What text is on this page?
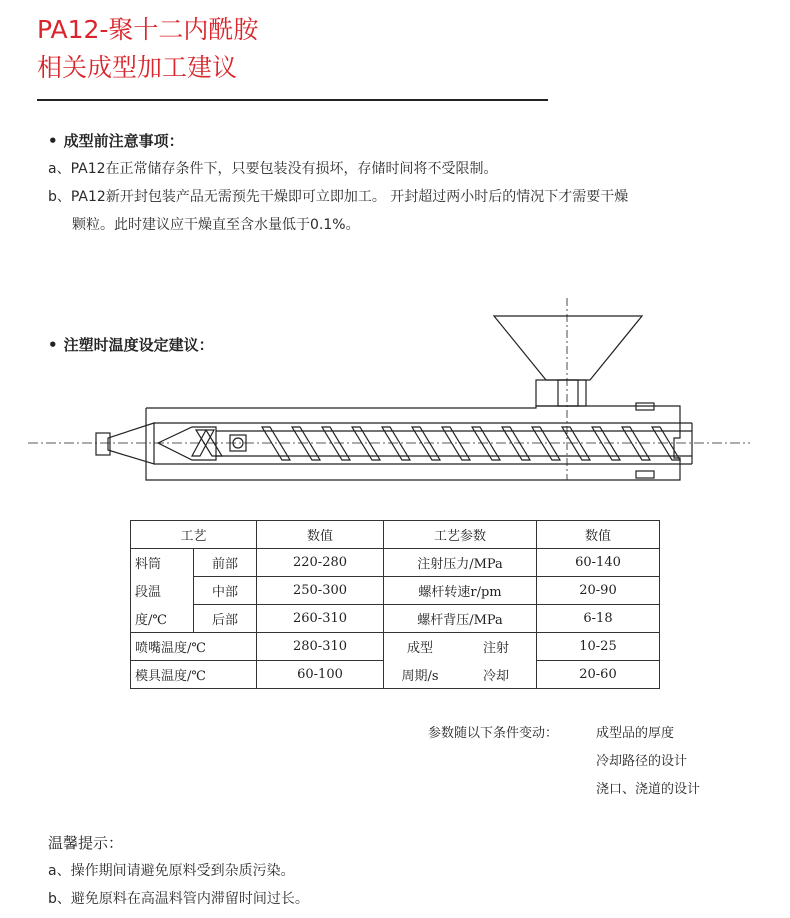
PA12-聚十二内酰胺
相关成型加工建议
• 成型前注意事项：
a、PA12在正常储存条件下，只要包装没有损坏，存储时间将不受限制。
b、PA12新开封包装产品无需预先干燥即可立即加工。 开封超过两小时后的情况下才需要干燥
颗粒。此时建议应干燥直至含水量低于0.1%。
• 注塑时温度设定建议：
工艺		数值	工艺参数	数值
料筒	前部	220-280	注射压力/MPa	60-140
段温	中部	250-300	螺杆转速r/pm	20-90
度/℃	后部	260-310	螺杆背压/MPa	6-18
喷嘴温度/℃		280-310	成型 注射	10-25
模具温度/℃		60-100	周期/s 冷却	20-60
参数随以下条件变动：	成型品的厚度
冷却路径的设计
浇口、浇道的设计
温馨提示：
a、操作期间请避免原料受到杂质污染。
b、避免原料在高温料管内滞留时间过长。
